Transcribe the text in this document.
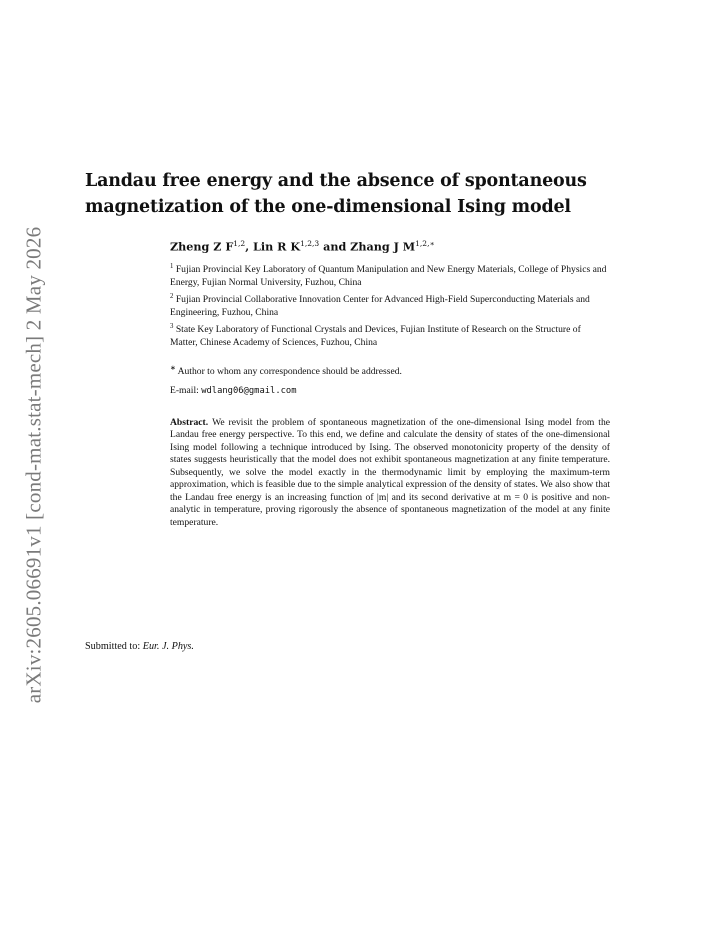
arXiv:2605.06691v1 [cond-mat.stat-mech] 2 May 2026
Landau free energy and the absence of spontaneous magnetization of the one-dimensional Ising model
Zheng Z F$^{1,2}$, Lin R K$^{1,2,3}$ and Zhang J $M^{1,2,∗}$

$^1$ Fujian Provincial Key Laboratory of Quantum Manipulation and New Energy Materials, College of Physics and Energy, Fujian Normal University, Fuzhou, China

$^2$ Fujian Provincial Collaborative Innovation Center for Advanced High-Field Superconducting Materials and Engineering, Fuzhou, China

$^3$ State Key Laboratory of Functional Crystals and Devices, Fujian Institute of Research on the Structure of Matter, Chinese Academy of Sciences, Fuzhou, China

∗ Author to whom any correspondence should be addressed.
E-mail: wdlang06@gmail.com
Abstract. We revisit the problem of spontaneous magnetization of the one-dimensional Ising model from the Landau free energy perspective. To this end, we define and calculate the density of states of the one-dimensional Ising model following a technique introduced by Ising. The observed monotonicity property of the density of states suggests heuristically that the model does not exhibit spontaneous magnetization at any finite temperature. Subsequently, we solve the model exactly in the thermodynamic limit by employing the maximum-term approximation, which is feasible due to the simple analytical expression of the density of states. We also show that the Landau free energy is an increasing function of |m| and its second derivative at m = 0 is positive and non-analytic in temperature, proving rigorously the absence of spontaneous magnetization of the model at any finite temperature.
Submitted to: Eur. J. Phys.
